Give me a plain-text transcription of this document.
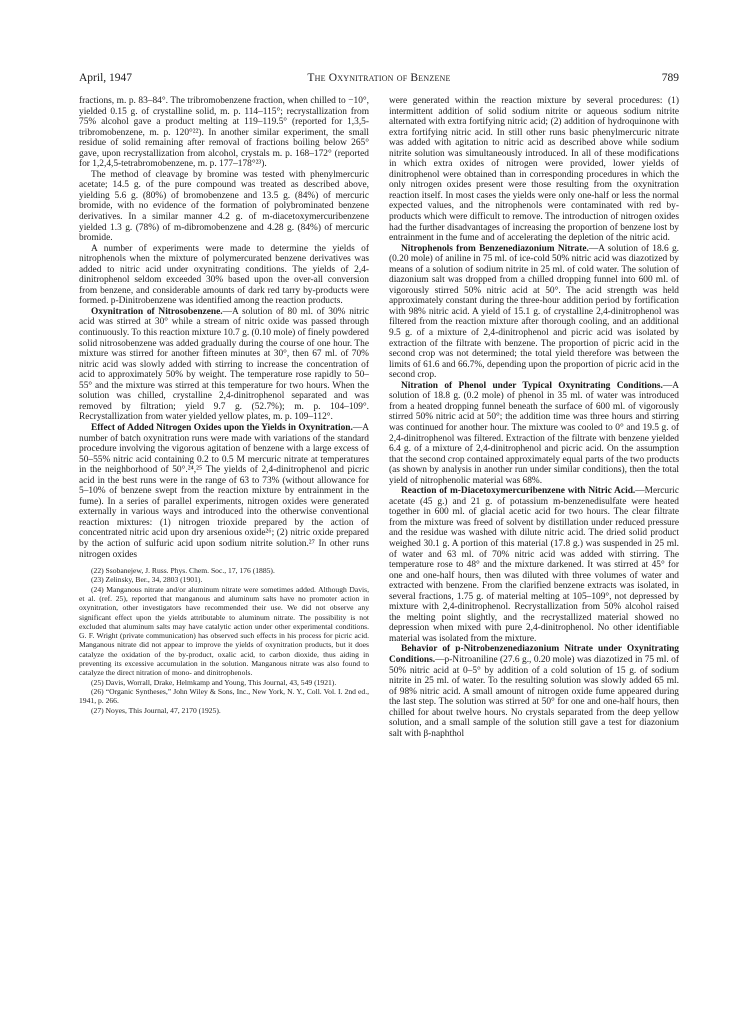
April, 1947	The Oxynitration of Benzene	789

fractions, m. p. 83–84°. The tribromobenzene fraction, when chilled to −10°, yielded 0.15 g. of crystalline solid, m. p. 114–115°; recrystallization from 75% alcohol gave a product melting at 119–119.5° (reported for 1,3,5-tribromobenzene, m. p. 120°²²). In another similar experiment, the small residue of solid remaining after removal of fractions boiling below 265° gave, upon recrystallization from alcohol, crystals m. p. 168–172° (reported for 1,2,4,5-tetrabromobenzene, m. p. 177–178°²³).

The method of cleavage by bromine was tested with phenylmercuric acetate; 14.5 g. of the pure compound was treated as described above, yielding 5.6 g. (80%) of bromobenzene and 13.5 g. (84%) of mercuric bromide, with no evidence of the formation of polybrominated benzene derivatives. In a similar manner 4.2 g. of m-diacetoxymercuribenzene yielded 1.3 g. (78%) of m-dibromobenzene and 4.28 g. (84%) of mercuric bromide.

A number of experiments were made to determine the yields of nitrophenols when the mixture of polymercurated benzene derivatives was added to nitric acid under oxynitrating conditions. The yields of 2,4-dinitrophenol seldom exceeded 30% based upon the over-all conversion from benzene, and considerable amounts of dark red tarry by-products were formed. p-Dinitrobenzene was identified among the reaction products.

Oxynitration of Nitrosobenzene.—A solution of 80 ml. of 30% nitric acid was stirred at 30° while a stream of nitric oxide was passed through continuously. To this reaction mixture 10.7 g. (0.10 mole) of finely powdered solid nitrosobenzene was added gradually during the course of one hour. The mixture was stirred for another fifteen minutes at 30°, then 67 ml. of 70% nitric acid was slowly added with stirring to increase the concentration of acid to approximately 50% by weight. The temperature rose rapidly to 50–55° and the mixture was stirred at this temperature for two hours. When the solution was chilled, crystalline 2,4-dinitrophenol separated and was removed by filtration; yield 9.7 g. (52.7%); m. p. 104–109°. Recrystallization from water yielded yellow plates, m. p. 109–112°.

Effect of Added Nitrogen Oxides upon the Yields in Oxynitration.—A number of batch oxynitration runs were made with variations of the standard procedure involving the vigorous agitation of benzene with a large excess of 50–55% nitric acid containing 0.2 to 0.5 M mercuric nitrate at temperatures in the neighborhood of 50°.²⁴,²⁵ The yields of 2,4-dinitrophenol and picric acid in the best runs were in the range of 63 to 73% (without allowance for 5–10% of benzene swept from the reaction mixture by entrainment in the fume). In a series of parallel experiments, nitrogen oxides were generated externally in various ways and introduced into the otherwise conventional reaction mixtures: (1) nitrogen trioxide prepared by the action of concentrated nitric acid upon dry arsenious oxide²⁶; (2) nitric oxide prepared by the action of sulfuric acid upon sodium nitrite solution.²⁷ In other runs nitrogen oxides

(22) Ssobanejew, J. Russ. Phys. Chem. Soc., 17, 176 (1885).

(23) Zelinsky, Ber., 34, 2803 (1901).

(24) Manganous nitrate and/or aluminum nitrate were sometimes added. Although Davis, et al. (ref. 25), reported that manganous and aluminum salts have no promoter action in oxynitration, other investigators have recommended their use. We did not observe any significant effect upon the yields attributable to aluminum nitrate. The possibility is not excluded that aluminum salts may have catalytic action under other experimental conditions. G. F. Wright (private communication) has observed such effects in his process for picric acid. Manganous nitrate did not appear to improve the yields of oxynitration products, but it does catalyze the oxidation of the by-product, oxalic acid, to carbon dioxide, thus aiding in preventing its excessive accumulation in the solution. Manganous nitrate was also found to catalyze the direct nitration of mono- and dinitrophenols.

(25) Davis, Worrall, Drake, Helmkamp and Young, This Journal, 43, 549 (1921).

(26) “Organic Syntheses,” John Wiley & Sons, Inc., New York, N. Y., Coll. Vol. I. 2nd ed., 1941, p. 266.

(27) Noyes, This Journal, 47, 2170 (1925).

were generated within the reaction mixture by several procedures: (1) intermittent addition of solid sodium nitrite or aqueous sodium nitrite alternated with extra fortifying nitric acid; (2) addition of hydroquinone with extra fortifying nitric acid. In still other runs basic phenylmercuric nitrate was added with agitation to nitric acid as described above while sodium nitrite solution was simultaneously introduced. In all of these modifications in which extra oxides of nitrogen were provided, lower yields of dinitrophenol were obtained than in corresponding procedures in which the only nitrogen oxides present were those resulting from the oxynitration reaction itself. In most cases the yields were only one-half or less the normal expected values, and the nitrophenols were contaminated with red by-products which were difficult to remove. The introduction of nitrogen oxides had the further disadvantages of increasing the proportion of benzene lost by entrainment in the fume and of accelerating the depletion of the nitric acid.

Nitrophenols from Benzenediazonium Nitrate.—A solution of 18.6 g. (0.20 mole) of aniline in 75 ml. of ice-cold 50% nitric acid was diazotized by means of a solution of sodium nitrite in 25 ml. of cold water. The solution of diazonium salt was dropped from a chilled dropping funnel into 600 ml. of vigorously stirred 50% nitric acid at 50°. The acid strength was held approximately constant during the three-hour addition period by fortification with 98% nitric acid. A yield of 15.1 g. of crystalline 2,4-dinitrophenol was filtered from the reaction mixture after thorough cooling, and an additional 9.5 g. of a mixture of 2,4-dinitrophenol and picric acid was isolated by extraction of the filtrate with benzene. The proportion of picric acid in the second crop was not determined; the total yield therefore was between the limits of 61.6 and 66.7%, depending upon the proportion of picric acid in the second crop.

Nitration of Phenol under Typical Oxynitrating Conditions.—A solution of 18.8 g. (0.2 mole) of phenol in 35 ml. of water was introduced from a heated dropping funnel beneath the surface of 600 ml. of vigorously stirred 50% nitric acid at 50°; the addition time was three hours and stirring was continued for another hour. The mixture was cooled to 0° and 19.5 g. of 2,4-dinitrophenol was filtered. Extraction of the filtrate with benzene yielded 6.4 g. of a mixture of 2,4-dinitrophenol and picric acid. On the assumption that the second crop contained approximately equal parts of the two products (as shown by analysis in another run under similar conditions), then the total yield of nitrophenolic material was 68%.

Reaction of m-Diacetoxymercuribenzene with Nitric Acid.—Mercuric acetate (45 g.) and 21 g. of potassium m-benzenedisulfate were heated together in 600 ml. of glacial acetic acid for two hours. The clear filtrate from the mixture was freed of solvent by distillation under reduced pressure and the residue was washed with dilute nitric acid. The dried solid product weighed 30.1 g. A portion of this material (17.8 g.) was suspended in 25 ml. of water and 63 ml. of 70% nitric acid was added with stirring. The temperature rose to 48° and the mixture darkened. It was stirred at 45° for one and one-half hours, then was diluted with three volumes of water and extracted with benzene. From the clarified benzene extracts was isolated, in several fractions, 1.75 g. of material melting at 105–109°, not depressed by mixture with 2,4-dinitrophenol. Recrystallization from 50% alcohol raised the melting point slightly, and the recrystallized material showed no depression when mixed with pure 2,4-dinitrophenol. No other identifiable material was isolated from the mixture.

Behavior of p-Nitrobenzenediazonium Nitrate under Oxynitrating Conditions.—p-Nitroaniline (27.6 g., 0.20 mole) was diazotized in 75 ml. of 50% nitric acid at 0–5° by addition of a cold solution of 15 g. of sodium nitrite in 25 ml. of water. To the resulting solution was slowly added 65 ml. of 98% nitric acid. A small amount of nitrogen oxide fume appeared during the last step. The solution was stirred at 50° for one and one-half hours, then chilled for about twelve hours. No crystals separated from the deep yellow solution, and a small sample of the solution still gave a test for diazonium salt with β-naphthol
